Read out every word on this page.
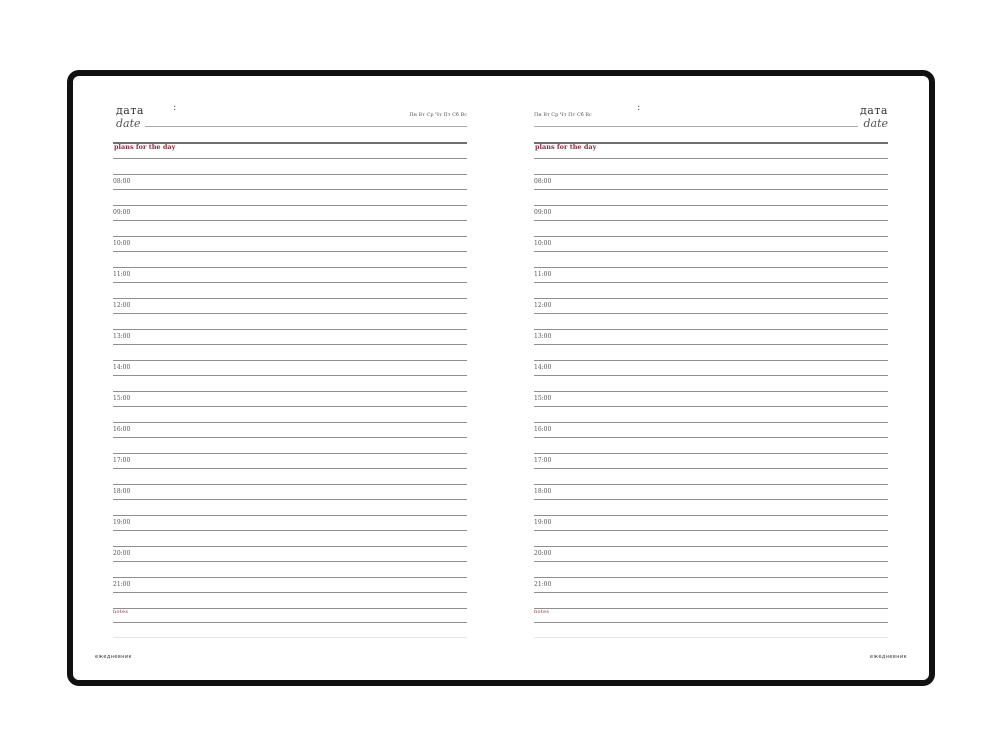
дата
date
:
Пн Вт Ср Чт Пт Сб Вс
plans for the day
08:00
09:00
10:00
11:00
12:00
13:00
14:00
15:00
16:00
17:00
18:00
19:00
20:00
21:00
notes
дата
date
:
Пн Вт Ср Чт Пт Сб Вс
plans for the day
08:00
09:00
10:00
11:00
12:00
13:00
14:00
15:00
16:00
17:00
18:00
19:00
20:00
21:00
notes
ежедневник	ежедневник
